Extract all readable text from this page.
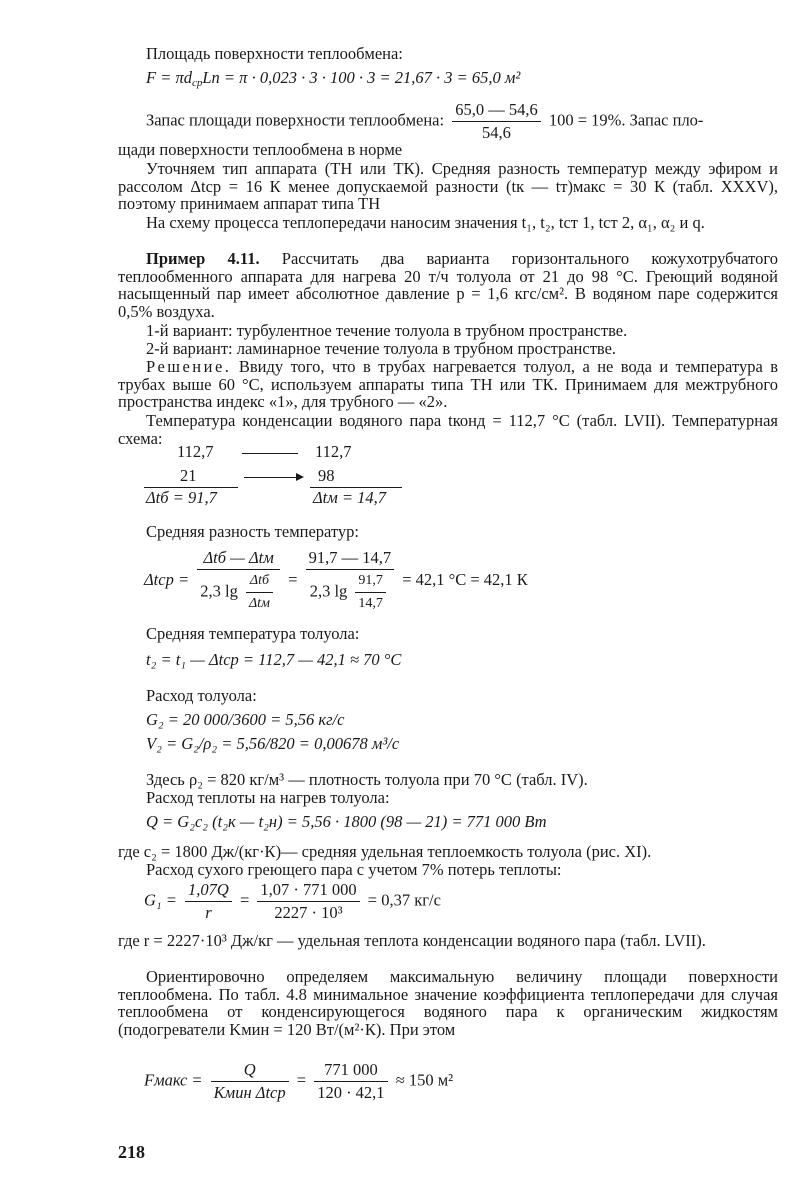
Площадь поверхности теплообмена:
$F = \pi d_{ср}Ln = \pi \cdot 0,023 \cdot 3 \cdot 100 \cdot 3 = 21,67 \cdot 3 = 65,0$ м²
Запас площади поверхности теплообмена: $\frac{65,0 — 54,6}{54,6} 100 = 19\%$. Запас пло-
щади поверхности теплообмена в норме
Уточняем тип аппарата (ТН или ТК). Средняя разность температур между эфиром и рассолом Δtср = 16 К менее допускаемой разности (tк — tт)макс = 30 К (табл. XXXV), поэтому принимаем аппарат типа ТН
На схему процесса теплопередачи наносим значения t₁, t₂, tст 1, tст 2, α₁, α₂ и q.
Пример 4.11. Рассчитать два варианта горизонтального кожухотрубчатого теплообменного аппарата для нагрева 20 т/ч толуола от 21 до 98 °С. Греющий водяной насыщенный пар имеет абсолютное давление p = 1,6 кгс/см². В водяном паре содержится 0,5% воздуха.
1-й вариант: турбулентное течение толуола в трубном пространстве.
2-й вариант: ламинарное течение толуола в трубном пространстве.
Решение. Ввиду того, что в трубах нагревается толуол, а не вода и температура в трубах выше 60 °С, используем аппараты типа ТН или ТК. Принимаем для межтрубного пространства индекс «1», для трубного — «2».
Температура конденсации водяного пара tконд = 112,7 °С (табл. LVII). Температурная схема:
112,7	112,7
21	98
Δtб = 91,7	Δtм = 14,7
Средняя разность температур:
$\Delta tср = \frac{\text{Δtб — Δtм}}{2,3 \lg \frac{\text{Δtб}}{\text{Δtм}}} = \frac{91,7 — 14,7}{2,3 \lg \frac{91,7}{14,7}} = 42,1$ °С = 42,1 К
Средняя температура толуола:
t₂ = t₁ — Δtср = 112,7 — 42,1 ≈ 70 °С
Расход толуола:
G₂ = 20 000/3600 = 5,56 кг/с
V₂ = G₂/ρ₂ = 5,56/820 = 0,00678 м³/с
Здесь ρ₂ = 820 кг/м³ — плотность толуола при 70 °С (табл. IV).
Расход теплоты на нагрев толуола:
Q = G₂c₂ (t₂к — t₂н) = 5,56 · 1800 (98 — 21) = 771 000 Вт
где c₂ = 1800 Дж/(кг·К)— средняя удельная теплоемкость толуола (рис. XI).
Расход сухого греющего пара с учетом 7% потерь теплоты:
$G_1 = \frac{1,07Q}{r} = \frac{1,07 \cdot 771 000}{\text{2227 · 10³}} = 0,37$ кг/с
где r = 2227·10³ Дж/кг — удельная теплота конденсации водяного пара (табл. LVII).
Ориентировочно определяем максимальную величину площади поверхности теплообмена. По табл. 4.8 минимальное значение коэффициента теплопередачи для случая теплообмена от конденсирующегося водяного пара к органическим жидкостям (подогреватели Kмин = 120 Вт/(м²·К). При этом
Fмакс = $\frac{Q}{\text{Kмин Δtср}} = \frac{771 000}{120 \cdot 42,1} \approx 150$ м²
218
